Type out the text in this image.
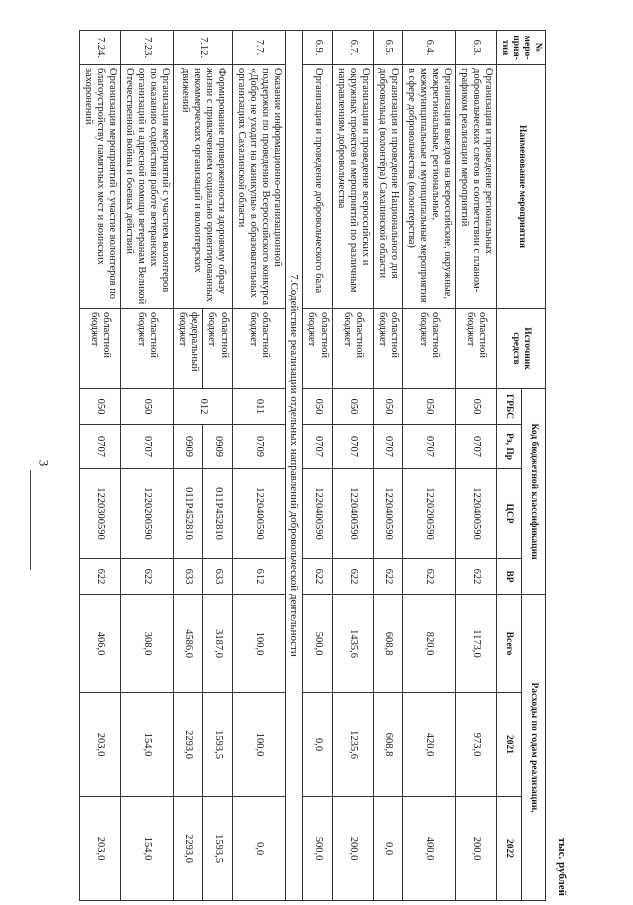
3
тыс. рублей
№ меро-прия-тия	Наименование мероприятия	Источник средств	Код бюджетной классификации				Расходы по годам реализации,		
			ГРБС	Рз, Пр	ЦСР	ВР	Всего	2021	2022
6.3.	Организация и проведение региональных добровольческих слетов в соответствии с планом- графиком реализации мероприятий	областной бюджет	050	0707	1220400590	622	1173,0	973,0	200,0
6.4.	Организация выездов на всероссийские, окружные, межрегиональные, региональные, межмуниципальные и муниципальные мероприятия в сфере добровольчества (волонтерства)	областной бюджет	050	0707	1220200590	622	820,0	420,0	400,0
6.5.	Организация и проведение Национального дня добровольца (волонтёра) Сахалинской области	областной бюджет	050	0707	1220400590	622	608,8	608,8	0,0
6.7.	Организация и проведение всероссийских и окружных проектов и мероприятий по различным направлениям добровольчества	областной бюджет	050	0707	1220400590	622	1435,6	1235,6	200,0
6.9.	Организация и проведение добровольческого бала	областной бюджет	050	0707	1220400590	622	500,0	0,0	500,0
7.Содействие реализации отдельных направлений добровольческой деятельности									
7.7.	Оказание информационно-организационной поддержки по проведению Всероссийского конкурса «Добро не уходит на каникулы» в образовательных организациях Сахалинской области	областной бюджет	011	0709	1220400590	612	100,0	100,0	0,0
7.12.	Формирование приверженности здоровому образу жизни с привлечением социально ориентированных некоммерческих организаций и волонтерских движений	областной бюджет	012	0909	011P452810	633	3187,0	1593,5	1593,5
		федеральный бюджет		0909	011P452810	633	4586,0	2293,0	2293,0
7.23.	Организация мероприятий с участием волонтеров по оказанию содействия работе ветеранских организаций и адресной помощи ветеранам Великой Отечественной войны и боевых действий	областной бюджет	050	0707	1220200590	622	308,0	154,0	154,0
7.24.	Организация мероприятий с участие волонтеров по благоустройству памятных мест и воинских захоронений	областной бюджет	050	0707	1220300590	622	406,0	203,0	203,0
